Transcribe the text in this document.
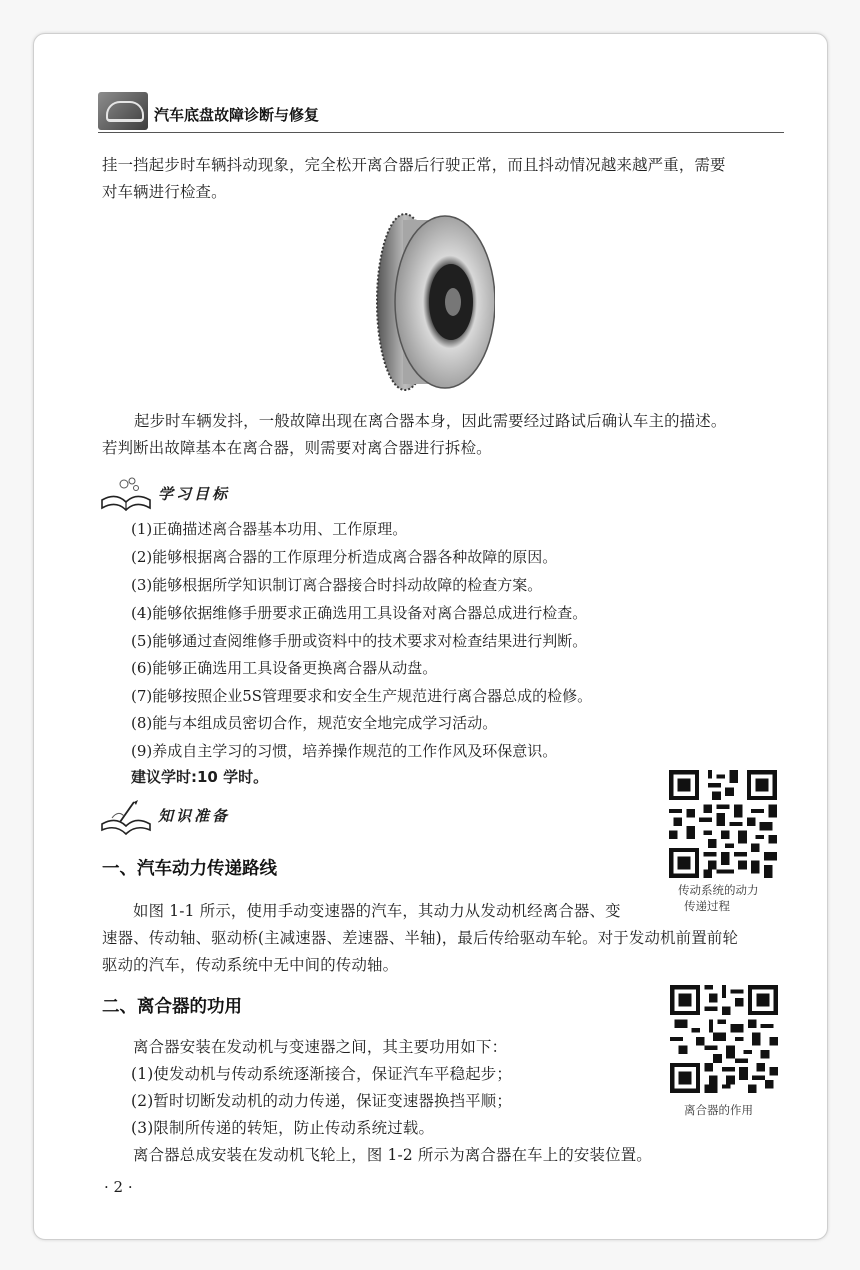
汽车底盘故障诊断与修复

挂一挡起步时车辆抖动现象，完全松开离合器后行驶正常，而且抖动情况越来越严重，需要

对车辆进行检查。

起步时车辆发抖，一般故障出现在离合器本身，因此需要经过路试后确认车主的描述。

若判断出故障基本在离合器，则需要对离合器进行拆检。

学习目标
(1)正确描述离合器基本功用、工作原理。
(2)能够根据离合器的工作原理分析造成离合器各种故障的原因。
(3)能够根据所学知识制订离合器接合时抖动故障的检查方案。
(4)能够依据维修手册要求正确选用工具设备对离合器总成进行检查。
(5)能够通过查阅维修手册或资料中的技术要求对检查结果进行判断。
(6)能够正确选用工具设备更换离合器从动盘。
(7)能够按照企业5S管理要求和安全生产规范进行离合器总成的检修。
(8)能与本组成员密切合作，规范安全地完成学习活动。
(9)养成自主学习的习惯，培养操作规范的工作作风及环保意识。
建议学时:10 学时。
知识准备
传动系统的动力
传递过程
一、汽车动力传递路线

如图 1-1 所示，使用手动变速器的汽车，其动力从发动机经离合器、变

速器、传动轴、驱动桥(主减速器、差速器、半轴)，最后传给驱动车轮。对于发动机前置前轮

驱动的汽车，传动系统中无中间的传动轴。

二、离合器的功用
离合器的作用

离合器安装在发动机与变速器之间，其主要功用如下：

(1)使发动机与传动系统逐渐接合，保证汽车平稳起步；

(2)暂时切断发动机的动力传递，保证变速器换挡平顺；

(3)限制所传递的转矩，防止传动系统过载。

离合器总成安装在发动机飞轮上，图 1-2 所示为离合器在车上的安装位置。

· 2 ·
